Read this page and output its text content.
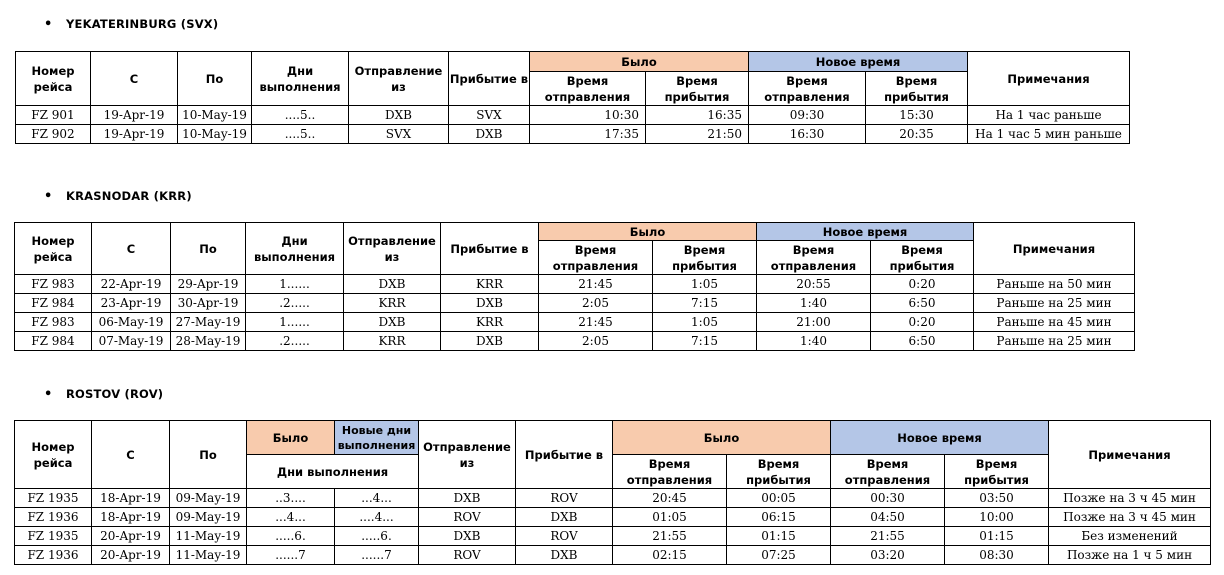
• YEKATERINBURG (SVX)
Номер рейса	С	По	Дни выполнения	Отправление из	Прибытие в	Было		Новое время		Примечания
						Время отправления	Время прибытия	Время отправления	Время прибытия	
FZ 901	19-Apr-19	10-May-19	....5..	DXB	SVX	10:30	16:35	09:30	15:30	На 1 час раньше
FZ 902	19-Apr-19	10-May-19	....5..	SVX	DXB	17:35	21:50	16:30	20:35	На 1 час 5 мин раньше
• KRASNODAR (KRR)
Номер рейса	С	По	Дни выполнения	Отправление из	Прибытие в	Было		Новое время		Примечания
						Время отправления	Время прибытия	Время отправления	Время прибытия	
FZ 983	22-Apr-19	29-Apr-19	1......	DXB	KRR	21:45	1:05	20:55	0:20	Раньше на 50 мин
FZ 984	23-Apr-19	30-Apr-19	.2.....	KRR	DXB	2:05	7:15	1:40	6:50	Раньше на 25 мин
FZ 983	06-May-19	27-May-19	1......	DXB	KRR	21:45	1:05	21:00	0:20	Раньше на 45 мин
FZ 984	07-May-19	28-May-19	.2.....	KRR	DXB	2:05	7:15	1:40	6:50	Раньше на 25 мин
• ROSTOV (ROV)
Номер рейса	С	По	Было	Новые дни выполнения	Отправление из	Прибытие в	Было		Новое время		Примечания
			Дни выполнения				Время отправления	Время прибытия	Время отправления	Время прибытия	

FZ 1935	18-Apr-19	09-May-19	..3....	...4...	DXB	ROV	20:45	00:05	00:30	03:50	Позже на 3 ч 45 мин
FZ 1936	18-Apr-19	09-May-19	...4...	....4...	ROV	DXB	01:05	06:15	04:50	10:00	Позже на 3 ч 45 мин
FZ 1935	20-Apr-19	11-May-19	.....6.	.....6.	DXB	ROV	21:55	01:15	21:55	01:15	Без изменений
FZ 1936	20-Apr-19	11-May-19	......7	......7	ROV	DXB	02:15	07:25	03:20	08:30	Позже на 1 ч 5 мин
